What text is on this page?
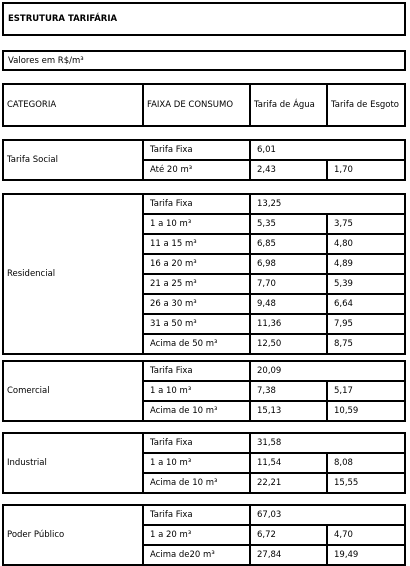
ESTRUTURA TARIFÁRIA
Valores em R$/m³
CATEGORIA	FAIXA DE CONSUMO	Tarifa de Água	Tarifa de Esgoto
Tarifa Social
Tarifa Fixa	6,01
Até 20 m³	2,43	1,70
Residencial
Tarifa Fixa	13,25
1 a 10 m³	5,35	3,75
11 a 15 m³	6,85	4,80
16 a 20 m³	6,98	4,89
21 a 25 m³	7,70	5,39
26 a 30 m³	9,48	6,64
31 a 50 m³	11,36	7,95
Acima de 50 m³	12,50	8,75
Comercial
Tarifa Fixa	20,09
1 a 10 m³	7,38	5,17
Acima de 10 m³	15,13	10,59
Industrial
Tarifa Fixa	31,58
1 a 10 m³	11,54	8,08
Acima de 10 m³	22,21	15,55
Poder Público
Tarifa Fixa	67,03
1 a 20 m³	6,72	4,70
Acima de20 m³	27,84	19,49
